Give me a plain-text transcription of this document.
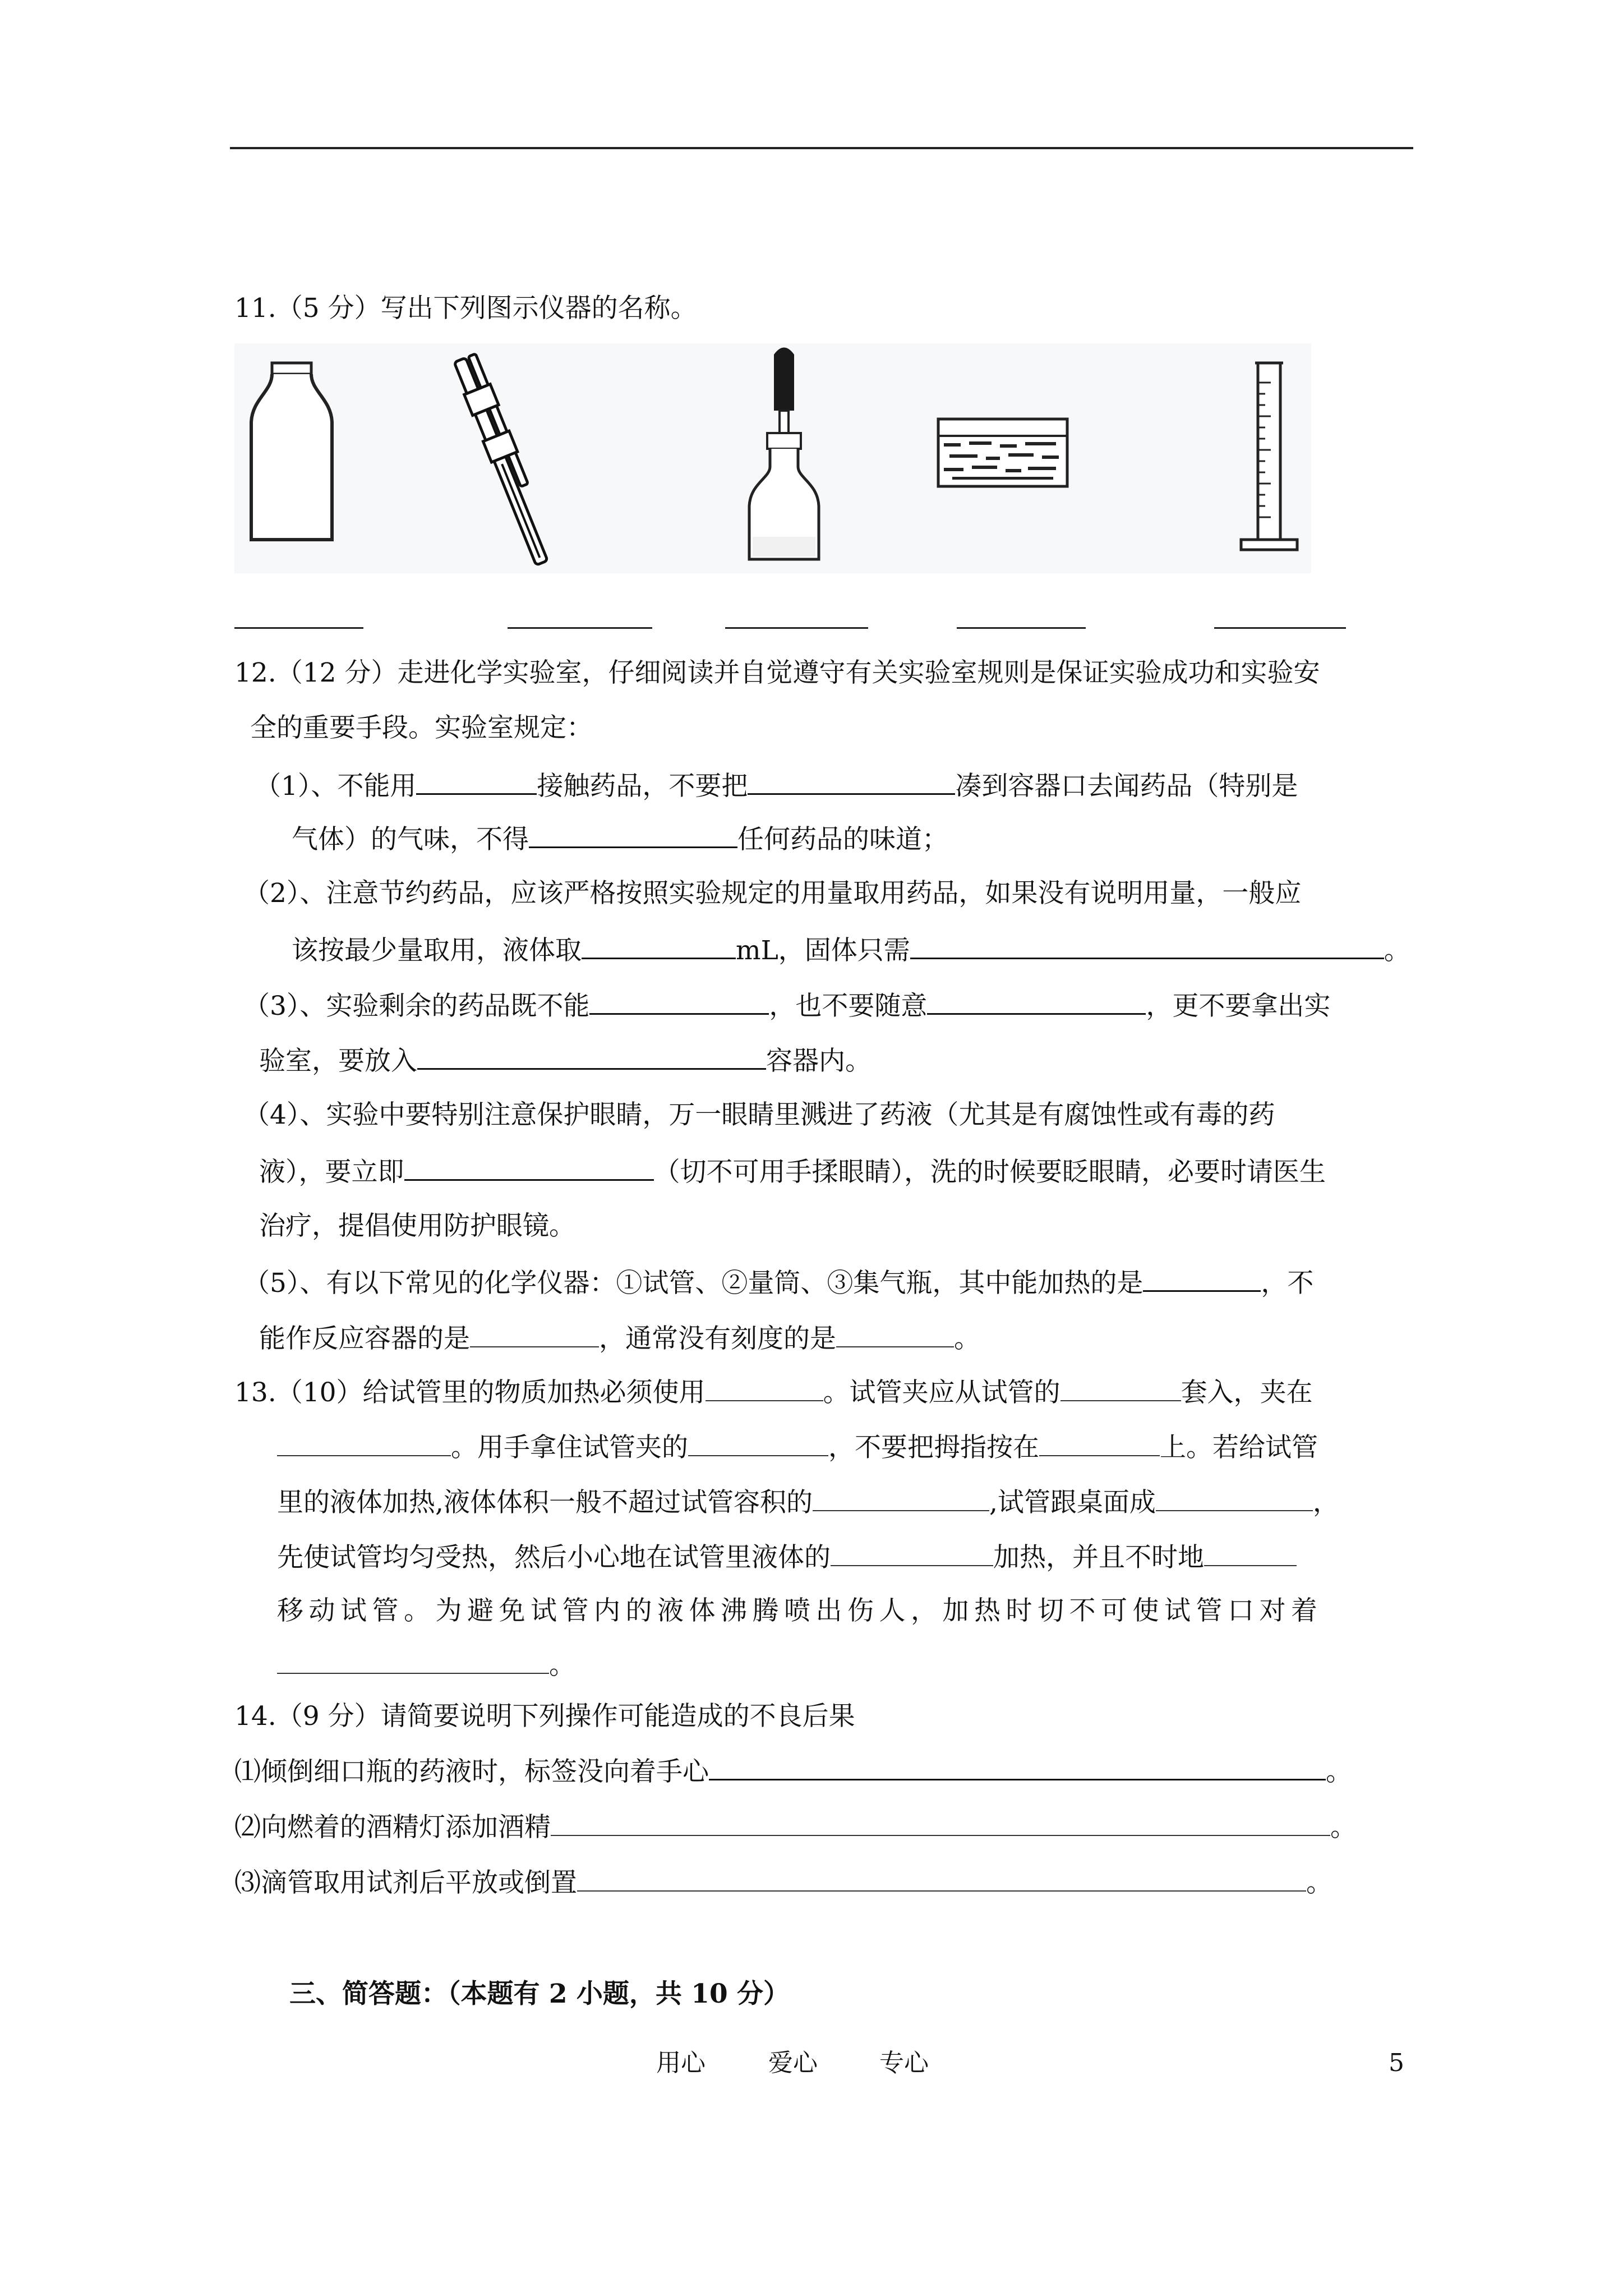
11.（5 分）写出下列图示仪器的名称。
12.（12 分）走进化学实验室，仔细阅读并自觉遵守有关实验室规则是保证实验成功和实验安
全的重要手段。实验室规定：
（1）、不能用	接触药品，不要把	凑到容器口去闻药品（特别是
气体）的气味，不得	任何药品的味道；
（2）、注意节约药品，应该严格按照实验规定的用量取用药品，如果没有说明用量，一般应
该按最少量取用，液体取	mL，固体只需	。
（3）、实验剩余的药品既不能	，也不要随意	，更不要拿出实
验室，要放入	容器内。
（4）、实验中要特别注意保护眼睛，万一眼睛里溅进了药液（尤其是有腐蚀性或有毒的药
液），要立即	（切不可用手揉眼睛），洗的时候要眨眼睛，必要时请医生
治疗，提倡使用防护眼镜。
（5）、有以下常见的化学仪器：①试管、②量筒、③集气瓶，其中能加热的是	，不
能作反应容器的是	，通常没有刻度的是	。
13.（10）给试管里的物质加热必须使用	。试管夹应从试管的	套入，夹在
。用手拿住试管夹的	，不要把拇指按在	上。若给试管
里的液体加热,液体体积一般不超过试管容积的	,试管跟桌面成	，
先使试管均匀受热，然后小心地在试管里液体的	加热，并且不时地
移动试管。为避免试管内的液体沸腾喷出伤人，加热时切不可使试管口对着
。
14.（9 分）请简要说明下列操作可能造成的不良后果
⑴倾倒细口瓶的药液时，标签没向着手心	。
⑵向燃着的酒精灯添加酒精	。
⑶滴管取用试剂后平放或倒置	。
三、简答题：（本题有 2 小题，共 10 分）
用心	爱心	专心	5
